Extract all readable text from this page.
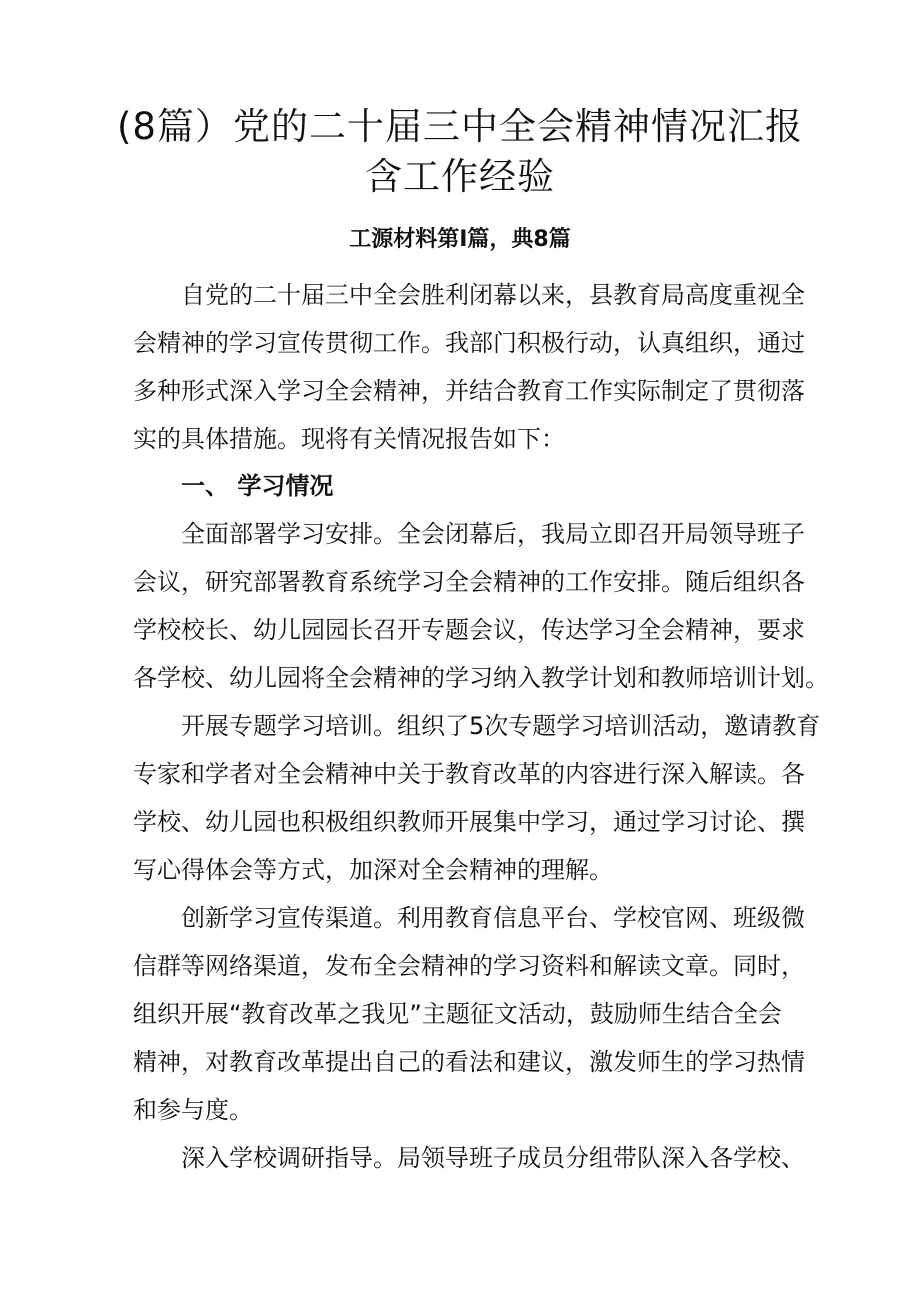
(8篇）党的二十届三中全会精神情况汇报
含工作经验
工源材料第Ⅰ篇，典8篇
自党的二十届三中全会胜利闭幕以来，县教育局高度重视全
会精神的学习宣传贯彻工作。我部门积极行动，认真组织，通过
多种形式深入学习全会精神，并结合教育工作实际制定了贯彻落
实的具体措施。现将有关情况报告如下：
一、 学习情况
全面部署学习安排。全会闭幕后，我局立即召开局领导班子
会议，研究部署教育系统学习全会精神的工作安排。随后组织各
学校校长、幼儿园园长召开专题会议，传达学习全会精神，要求
各学校、幼儿园将全会精神的学习纳入教学计划和教师培训计划。
开展专题学习培训。组织了5次专题学习培训活动，邀请教育
专家和学者对全会精神中关于教育改革的内容进行深入解读。各
学校、幼儿园也积极组织教师开展集中学习，通过学习讨论、撰
写心得体会等方式，加深对全会精神的理解。
创新学习宣传渠道。利用教育信息平台、学校官网、班级微
信群等网络渠道，发布全会精神的学习资料和解读文章。同时，
组织开展“教育改革之我见”主题征文活动，鼓励师生结合全会
精神，对教育改革提出自己的看法和建议，激发师生的学习热情
和参与度。
深入学校调研指导。局领导班子成员分组带队深入各学校、
